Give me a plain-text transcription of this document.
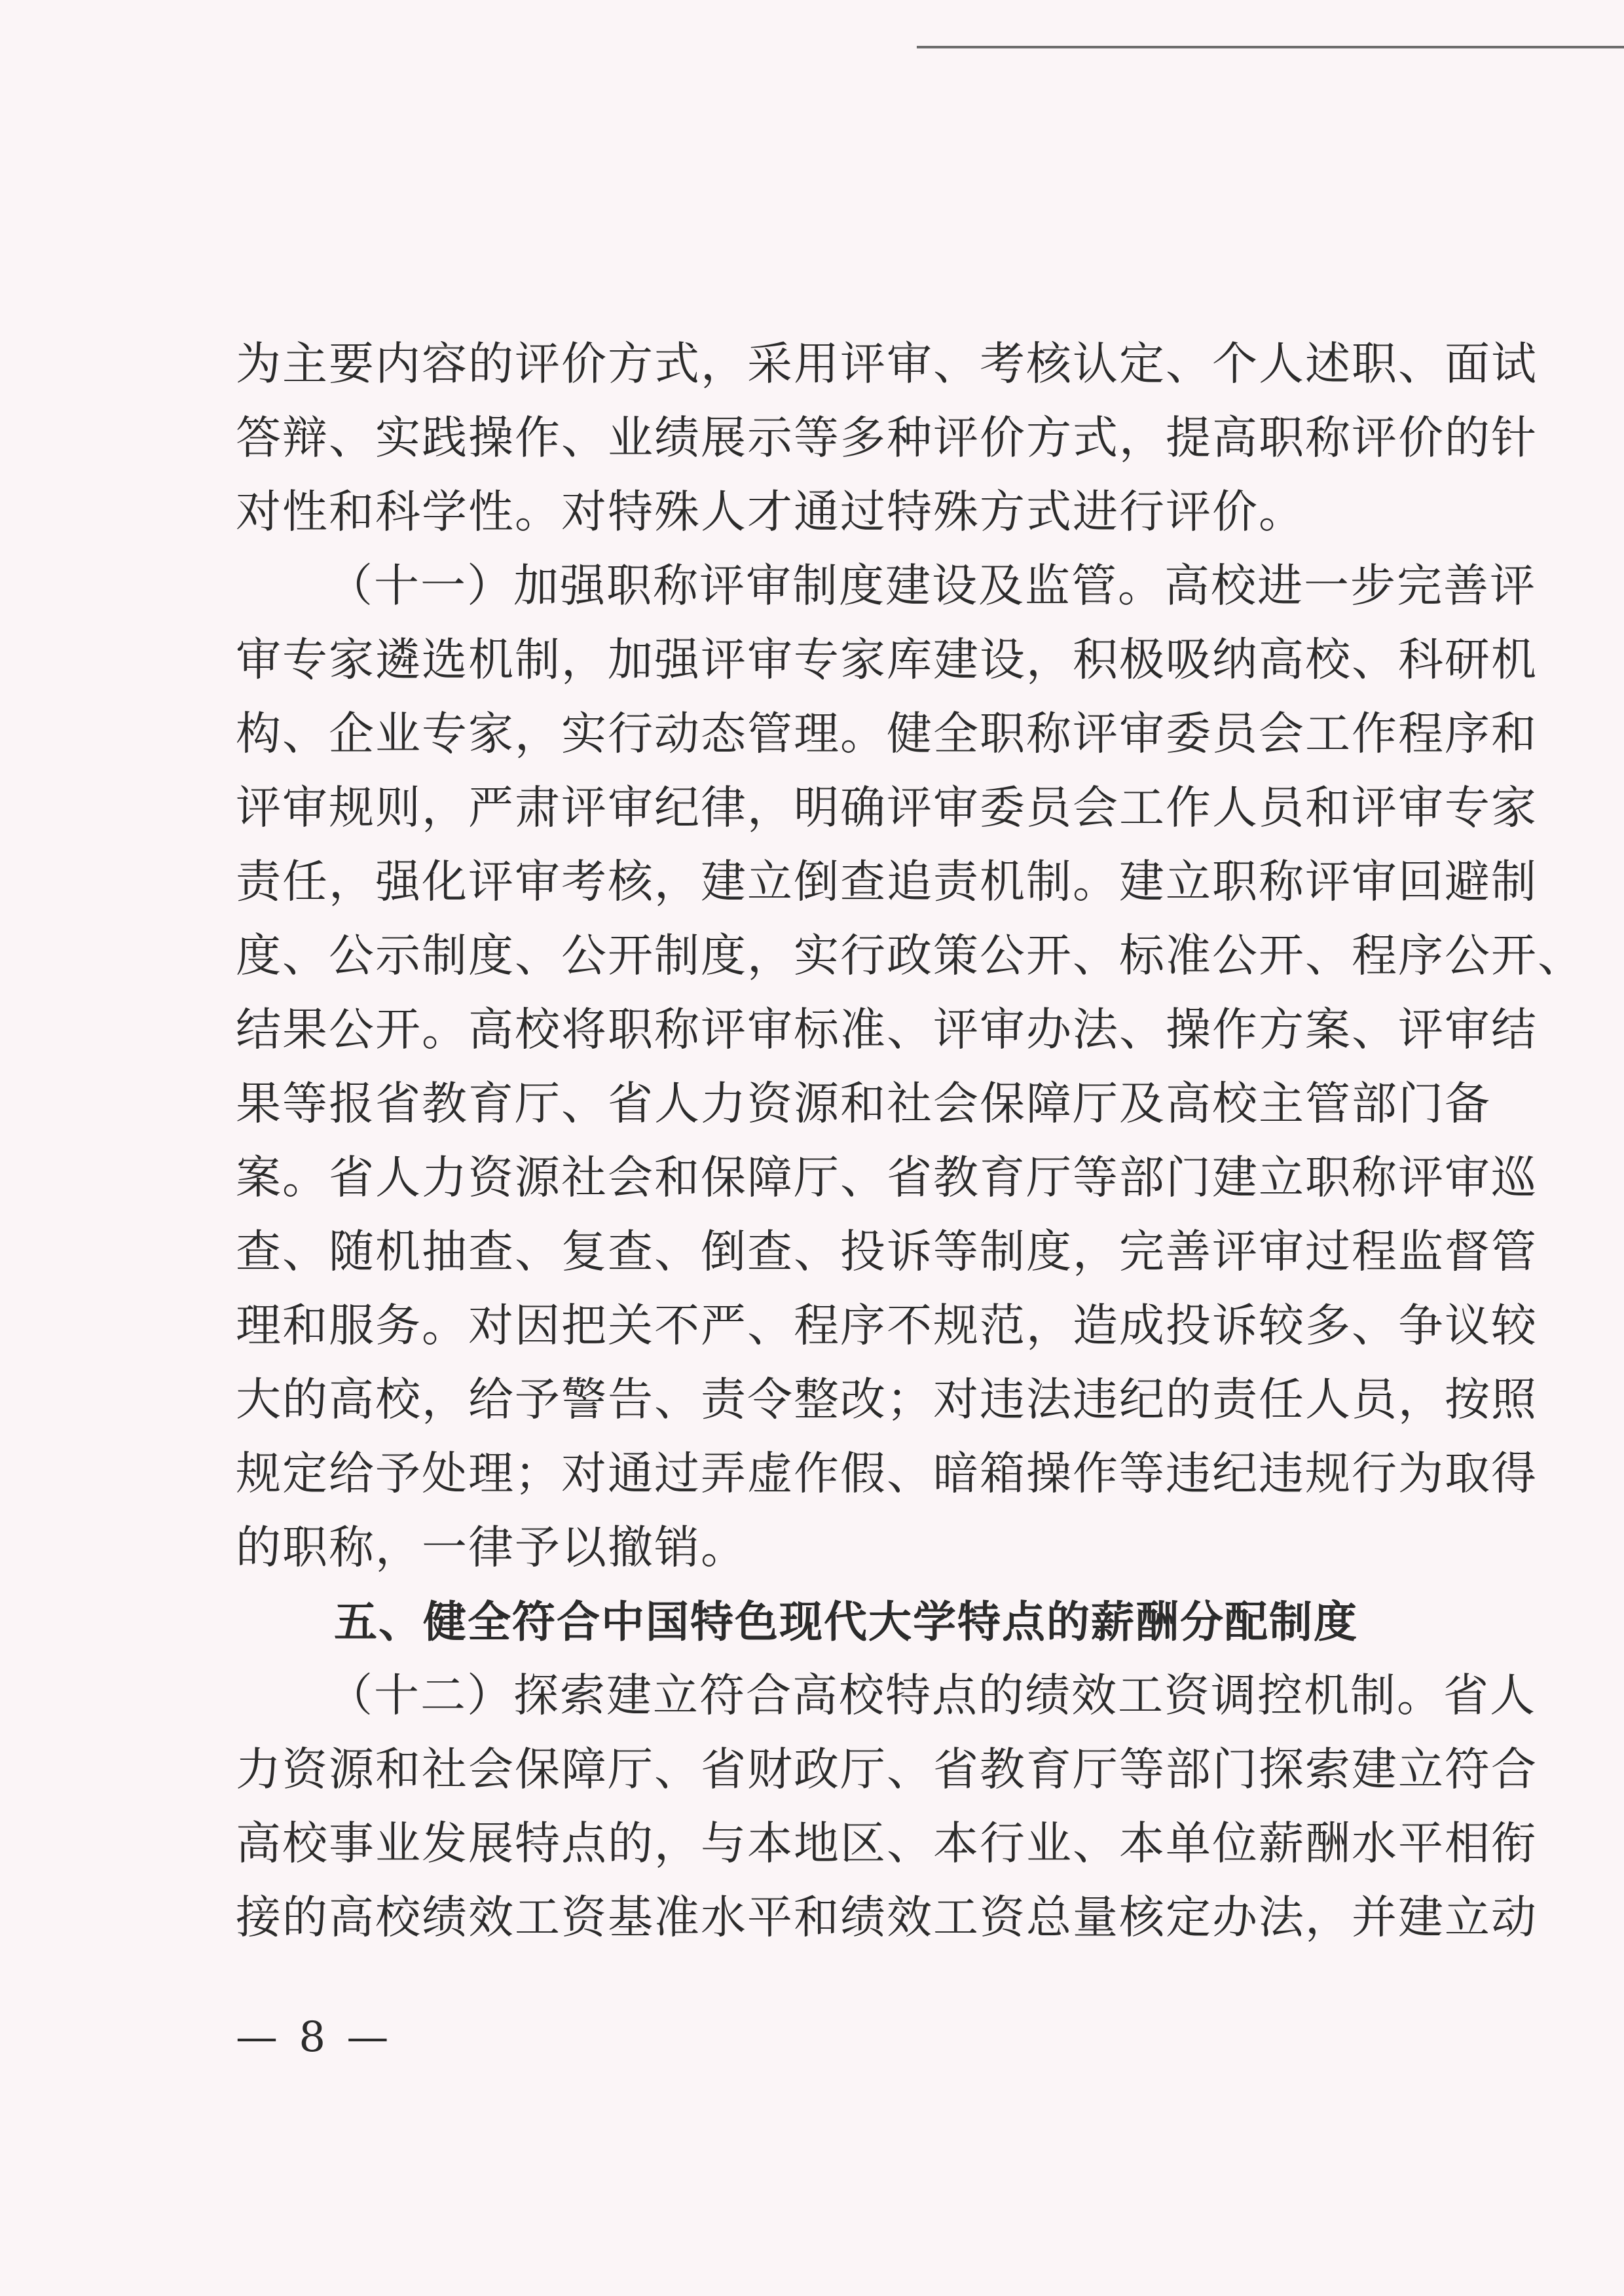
为主要内容的评价方式，采用评审、考核认定、个人述职、面试
答辩、实践操作、业绩展示等多种评价方式，提高职称评价的针
对性和科学性。对特殊人才通过特殊方式进行评价。
（十一）加强职称评审制度建设及监管。高校进一步完善评
审专家遴选机制，加强评审专家库建设，积极吸纳高校、科研机
构、企业专家，实行动态管理。健全职称评审委员会工作程序和
评审规则，严肃评审纪律，明确评审委员会工作人员和评审专家
责任，强化评审考核，建立倒查追责机制。建立职称评审回避制
度、公示制度、公开制度，实行政策公开、标准公开、程序公开、
结果公开。高校将职称评审标准、评审办法、操作方案、评审结
果等报省教育厅、省人力资源和社会保障厅及高校主管部门备
案。省人力资源社会和保障厅、省教育厅等部门建立职称评审巡
查、随机抽查、复查、倒查、投诉等制度，完善评审过程监督管
理和服务。对因把关不严、程序不规范，造成投诉较多、争议较
大的高校，给予警告、责令整改；对违法违纪的责任人员，按照
规定给予处理；对通过弄虚作假、暗箱操作等违纪违规行为取得
的职称，一律予以撤销。
五、健全符合中国特色现代大学特点的薪酬分配制度
（十二）探索建立符合高校特点的绩效工资调控机制。省人
力资源和社会保障厅、省财政厅、省教育厅等部门探索建立符合
高校事业发展特点的，与本地区、本行业、本单位薪酬水平相衔
接的高校绩效工资基准水平和绩效工资总量核定办法，并建立动
— 8 —
